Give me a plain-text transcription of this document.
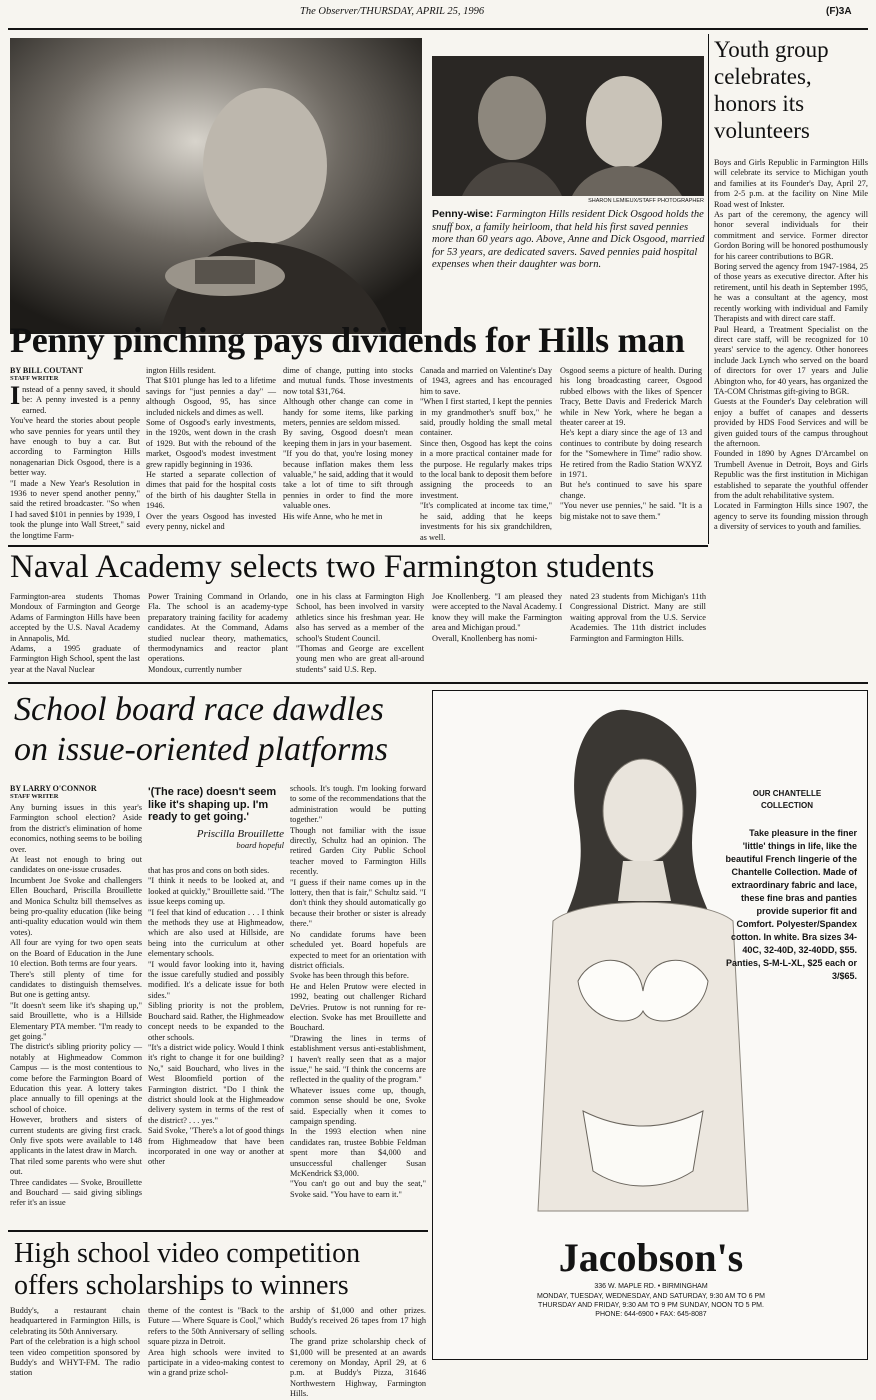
The Observer/THURSDAY, APRIL 25, 1996	(F)3A
SHARON LEMIEUX/STAFF PHOTOGRAPHER
Penny-wise: Farmington Hills resident Dick Osgood holds the snuff box, a family heirloom, that held his first saved pennies more than 60 years ago. Above, Anne and Dick Osgood, married for 53 years, are dedicated savers. Saved pennies paid hospital expenses when their daughter was born.
Penny pinching pays dividends for Hills man
BY BILL COUTANT
STAFF WRITER
I nstead of a penny saved, it should be: A penny invested is a penny earned.
You've heard the stories about people who save pennies for years until they have enough to buy a car. But according to Farmington Hills nonagenarian Dick Osgood, there is a better way.
"I made a New Year's Resolution in 1936 to never spend another penny," said the retired broadcaster. "So when I had saved $101 in pennies by 1939, I took the plunge into Wall Street," said the longtime Farm-
ington Hills resident.
That $101 plunge has led to a lifetime savings for "just pennies a day" — although Osgood, 95, has since included nickels and dimes as well.
Some of Osgood's early investments, in the 1920s, went down in the crash of 1929. But with the rebound of the market, Osgood's modest investment grew rapidly beginning in 1936.
He started a separate collection of dimes that paid for the hospital costs of the birth of his daughter Stella in 1946.
Over the years Osgood has invested every penny, nickel and
dime of change, putting into stocks and mutual funds. Those investments now total $31,764.
Although other change can come in handy for some items, like parking meters, pennies are seldom missed.
By saving, Osgood doesn't mean keeping them in jars in your basement.
"If you do that, you're losing money because inflation makes them less valuable," he said, adding that it would take a lot of time to sift through pennies in order to find the more valuable ones.
His wife Anne, who he met in
Canada and married on Valentine's Day of 1943, agrees and has encouraged him to save.
"When I first started, I kept the pennies in my grandmother's snuff box," he said, proudly holding the small metal container.
Since then, Osgood has kept the coins in a more practical container made for the purpose. He regularly makes trips to the local bank to deposit them before assigning the proceeds to an investment.
"It's complicated at income tax time," he said, adding that he keeps investments for his six grandchildren, as well.
Osgood seems a picture of health. During his long broadcasting career, Osgood rubbed elbows with the likes of Spencer Tracy, Bette Davis and Frederick March while in New York, where he began a theater career at 19.
He's kept a diary since the age of 13 and continues to contribute by doing research for the "Somewhere in Time" radio show. He retired from the Radio Station WXYZ in 1971.
But he's continued to save his spare change.
"You never use pennies," he said. "It is a big mistake not to save them."
Youth group celebrates, honors its volunteers
Boys and Girls Republic in Farmington Hills will celebrate its service to Michigan youth and families at its Founder's Day, April 27, from 2-5 p.m. at the facility on Nine Mile Road west of Inkster.
As part of the ceremony, the agency will honor several individuals for their commitment and service. Former director Gordon Boring will be honored posthumously for his career contributions to BGR.
Boring served the agency from 1947-1984, 25 of those years as executive director. After his retirement, until his death in September 1995, he was a consultant at the agency, most recently working with individual and Family Therapists and with direct care staff.
Paul Heard, a Treatment Specialist on the direct care staff, will be recognized for 10 years' service to the agency. Other honorees include Jack Lynch who served on the board of directors for over 17 years and Julie Abington who, for 40 years, has organized the TA-COM Christmas gift-giving to BGR.
Guests at the Founder's Day celebration will enjoy a buffet of canapes and desserts provided by HDS Food Services and will be given guided tours of the campus throughout the afternoon.
Founded in 1890 by Agnes D'Arcambel on Trumbell Avenue in Detroit, Boys and Girls Republic was the first institution in Michigan established to separate the youthful offender from the adult rehabilitative system.
Located in Farmington Hills since 1907, the agency to serve its founding mission through a diversity of services to youth and families.
Naval Academy selects two Farmington students
Farmington-area students Thomas Mondoux of Farmington and George Adams of Farmington Hills have been accepted by the U.S. Naval Academy in Annapolis, Md.
Adams, a 1995 graduate of Farmington High School, spent the last year at the Naval Nuclear
Power Training Command in Orlando, Fla. The school is an academy-type preparatory training facility for academy candidates. At the Command, Adams studied nuclear theory, mathematics, thermodynamics and reactor plant operations.
Mondoux, currently number
one in his class at Farmington High School, has been involved in varsity athletics since his freshman year. He also has served as a member of the school's Student Council.
"Thomas and George are excellent young men who are great all-around students" said U.S. Rep.
Joe Knollenberg. "I am pleased they were accepted to the Naval Academy. I know they will make the Farmington area and Michigan proud."
Overall, Knollenberg has nomi-
nated 23 students from Michigan's 11th Congressional District. Many are still waiting approval from the U.S. Service Academies. The 11th district includes Farmington and Farmington Hills.
School board race dawdles
on issue-oriented platforms
BY LARRY O'CONNOR
STAFF WRITER
Any burning issues in this year's Farmington school election? Aside from the district's elimination of home economics, nothing seems to be boiling over.
At least not enough to bring out candidates on one-issue crusades.
Incumbent Joe Svoke and challengers Ellen Bouchard, Priscilla Brouillette and Monica Schultz bill themselves as being pro-quality education (like being anti-quality education would win them votes).
All four are vying for two open seats on the Board of Education in the June 10 election. Both terms are four years.
There's still plenty of time for candidates to distinguish themselves. But one is getting antsy.
"It doesn't seem like it's shaping up," said Brouillette, who is a Hillside Elementary PTA member. "I'm ready to get going."
The district's sibling priority policy — notably at Highmeadow Common Campus — is the most contentious to come before the Farmington Board of Education this year. A lottery takes place annually to fill openings at the school of choice.
However, brothers and sisters of current students are giving first crack. Only five spots were available to 148 applicants in the latest draw in March.
That riled some parents who were shut out.
Three candidates — Svoke, Brouillette and Bouchard — said giving siblings refer it's an issue
'(The race) doesn't seem like it's shaping up. I'm ready to get going.'
Priscilla Brouillette
board hopeful
that has pros and cons on both sides.
"I think it needs to be looked at, and looked at quickly," Brouillette said. "The issue keeps coming up.
"I feel that kind of education . . . I think the methods they use at Highmeadow, which are also used at Hillside, are being into the curriculum at other elementary schools.
"I would favor looking into it, having the issue carefully studied and possibly modified. It's a delicate issue for both sides."
Sibling priority is not the problem, Bouchard said. Rather, the Highmeadow concept needs to be expanded to the other schools.
"It's a district wide policy. Would I think it's right to change it for one building? No," said Bouchard, who lives in the West Bloomfield portion of the Farmington district. "Do I think the district should look at the Highmeadow delivery system in terms of the rest of the district? . . . yes."
Said Svoke, "There's a lot of good things from Highmeadow that have been incorporated in one way or another at other
schools. It's tough. I'm looking forward to some of the recommendations that the administration would be putting together."
Though not familiar with the issue directly, Schultz had an opinion. The retired Garden City Public School teacher moved to Farmington Hills recently.
"I guess if their name comes up in the lottery, then that is fair," Schultz said. "I don't think they should automatically go because their brother or sister is already there."
No candidate forums have been scheduled yet. Board hopefuls are expected to meet for an orientation with district officials.
Svoke has been through this before.
He and Helen Prutow were elected in 1992, beating out challenger Richard DeVries. Prutow is not running for re-election. Svoke has met Brouillette and Bouchard.
"Drawing the lines in terms of establishment versus anti-establishment, I haven't really seen that as a major issue," he said. "I think the concerns are reflected in the quality of the program."
Whatever issues come up, though, common sense should be one, Svoke said. Especially when it comes to campaign spending.
In the 1993 election when nine candidates ran, trustee Bobbie Feldman spent more than $4,000 and unsuccessful challenger Susan McKendrick $3,000.
"You can't go out and buy the seat," Svoke said. "You have to earn it."
OUR CHANTELLE
COLLECTION
Take pleasure in the finer 'little' things in life, like the beautiful French lingerie of the Chantelle Collection. Made of extraordinary fabric and lace, these fine bras and panties provide superior fit and Comfort. Polyester/Spandex cotton. In white. Bra sizes 34-40C, 32-40D, 32-40DD, $55. Panties, S-M-L-XL, $25 each or 3/$65.
Jacobson's
336 W. MAPLE RD. • BIRMINGHAM
MONDAY, TUESDAY, WEDNESDAY, AND SATURDAY, 9:30 AM TO 6 PM
THURSDAY AND FRIDAY, 9:30 AM TO 9 PM SUNDAY, NOON TO 5 PM.
PHONE: 644-6900 • FAX: 645-8087
High school video competition
offers scholarships to winners
Buddy's, a restaurant chain headquartered in Farmington Hills, is celebrating its 50th Anniversary.
Part of the celebration is a high school teen video competition sponsored by Buddy's and WHYT-FM. The radio station
theme of the contest is "Back to the Future — Where Square is Cool," which refers to the 50th Anniversary of selling square pizza in Detroit.
Area high schools were invited to participate in a video-making contest to win a grand prize schol-
arship of $1,000 and other prizes. Buddy's received 26 tapes from 17 high schools.
The grand prize scholarship check of $1,000 will be presented at an awards ceremony on Monday, April 29, at 6 p.m. at Buddy's Pizza, 31646 Northwestern Highway, Farmington Hills.
